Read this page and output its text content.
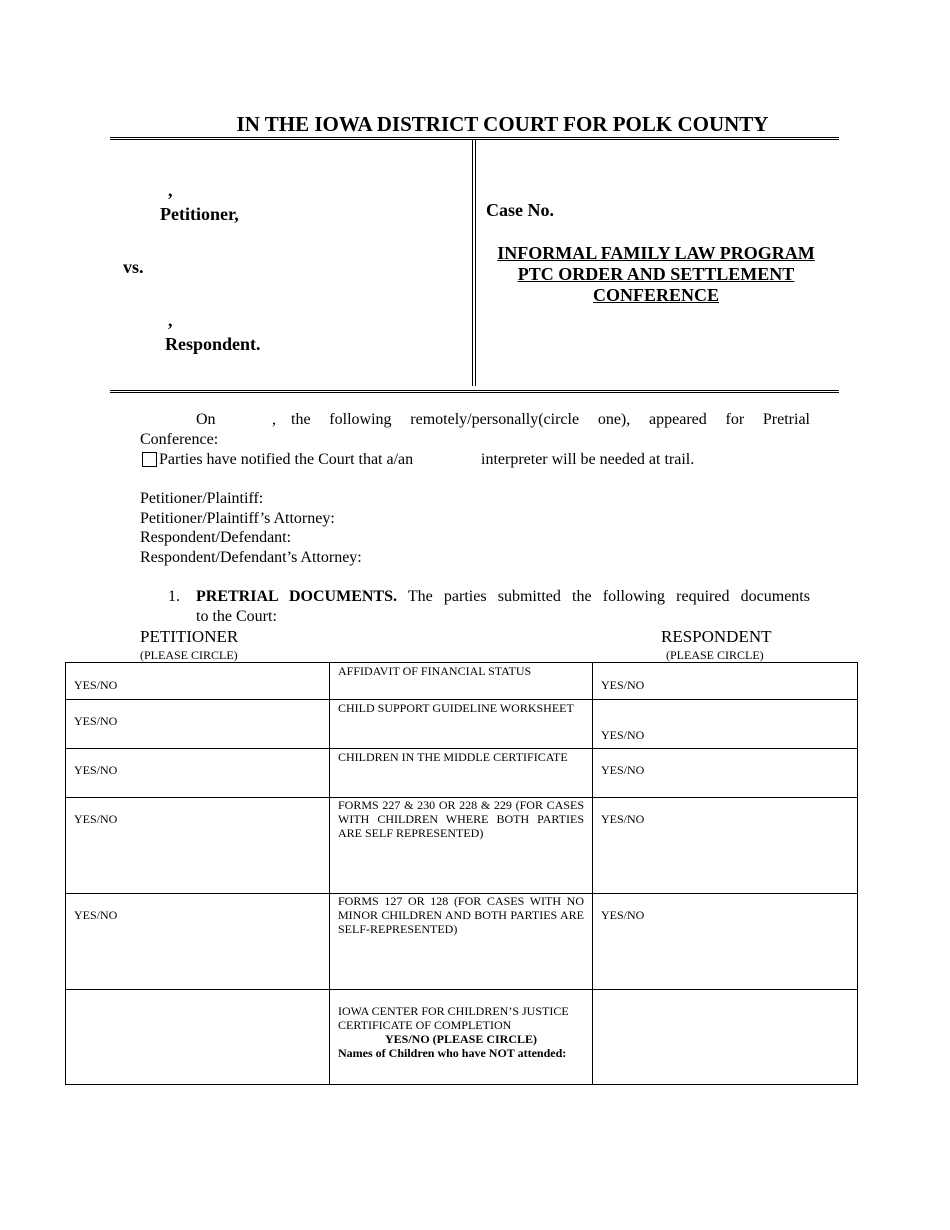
IN THE IOWA DISTRICT COURT FOR POLK COUNTY
,
Petitioner,
vs.
,
Respondent.
Case No.
INFORMAL FAMILY LAW PROGRAM
PTC ORDER AND SETTLEMENT
CONFERENCE
On	, the following remotely/personally(circle one), appeared for Pretrial
Conference:
Parties have notified the Court that a/an	interpreter will be needed at trail.
Petitioner/Plaintiff:
Petitioner/Plaintiff’s Attorney:
Respondent/Defendant:
Respondent/Defendant’s Attorney:
1. PRETRIAL DOCUMENTS. The parties submitted the following required documents
to the Court:
PETITIONER
(PLEASE CIRCLE)
RESPONDENT
(PLEASE CIRCLE)
YES/NO	AFFIDAVIT OF FINANCIAL STATUS	YES/NO

YES/NO	CHILD SUPPORT GUIDELINE WORKSHEET	YES/NO

YES/NO	CHILDREN IN THE MIDDLE CERTIFICATE	YES/NO

YES/NO	FORMS 227 & 230 OR 228 & 229 (FOR CASES WITH CHILDREN WHERE BOTH PARTIES ARE SELF REPRESENTED)	YES/NO

YES/NO	FORMS 127 OR 128 (FOR CASES WITH NO MINOR CHILDREN AND BOTH PARTIES ARE SELF-REPRESENTED)	YES/NO

	IOWA CENTER FOR CHILDREN’S JUSTICE
CERTIFICATE OF COMPLETION
YES/NO (PLEASE CIRCLE)
Names of Children who have NOT attended:	
